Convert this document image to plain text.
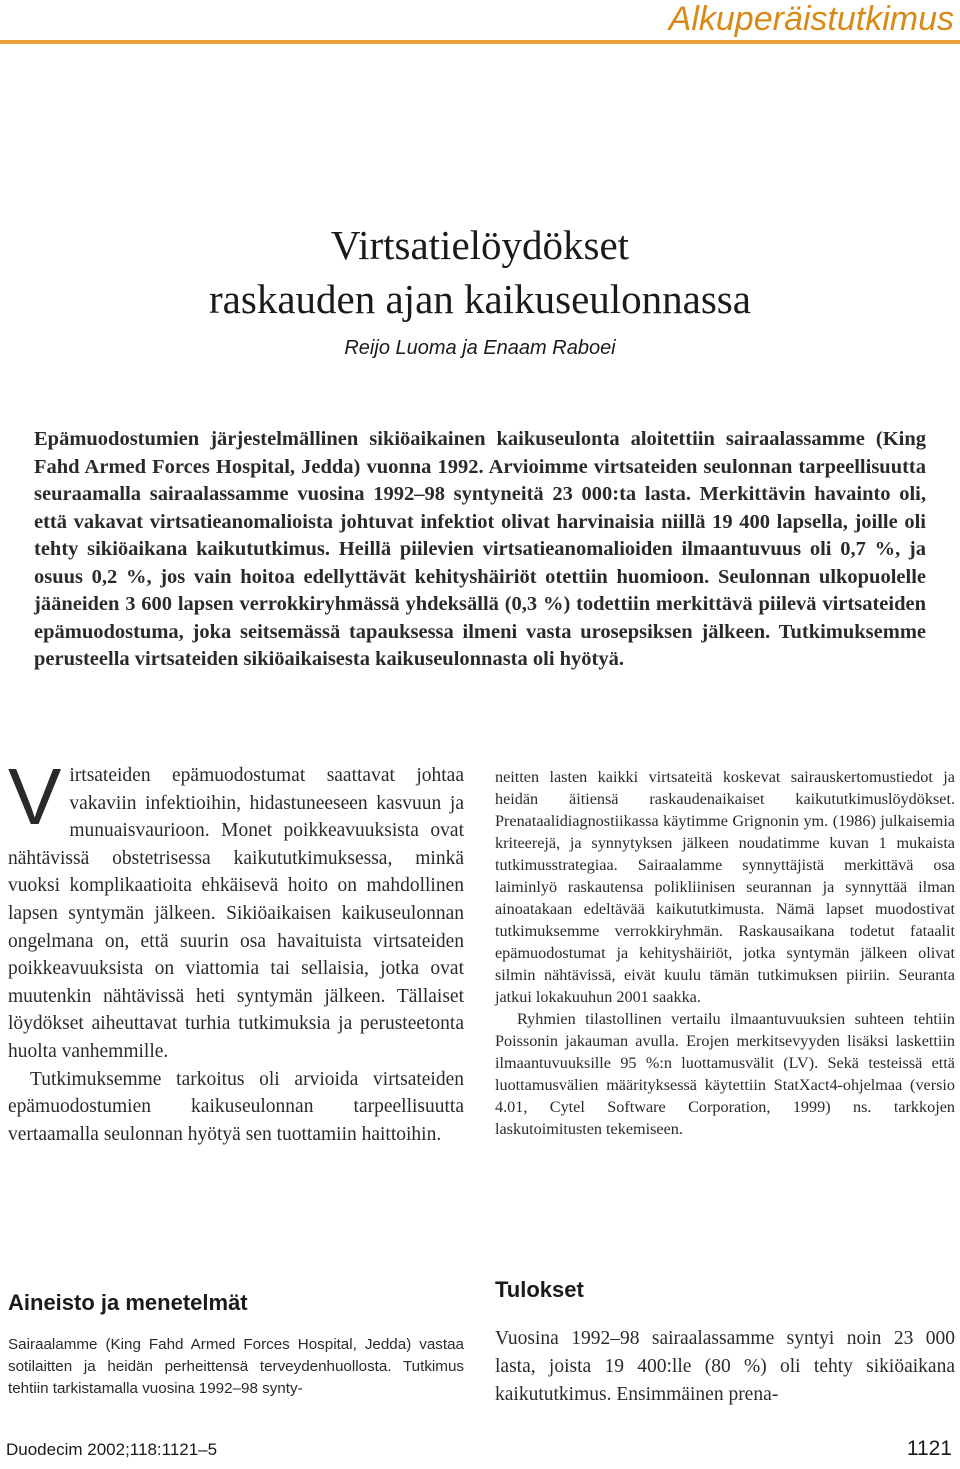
Alkuperäistutkimus

Virtsatielöydökset
raskauden ajan kaikuseulonnassa

Reijo Luoma ja Enaam Raboei

Epämuodostumien järjestelmällinen sikiöaikainen kaikuseulonta aloitettiin sairaalassamme (King Fahd Armed Forces Hospital, Jedda) vuonna 1992. Arvioimme virtsateiden seulonnan tarpeellisuutta seuraamalla sairaalassamme vuosina 1992–98 syntyneitä 23 000:ta lasta. Merkittävin havainto oli, että vakavat virtsatieanomalioista johtuvat infektiot olivat harvinaisia niillä 19 400 lapsella, joille oli tehty sikiöaikana kaikututkimus. Heillä piilevien virtsatieanomalioiden ilmaantuvuus oli 0,7 %, ja osuus 0,2 %, jos vain hoitoa edellyttävät kehityshäiriöt otettiin huomioon. Seulonnan ulkopuolelle jääneiden 3 600 lapsen verrokkiryhmässä yhdeksällä (0,3 %) todettiin merkittävä piilevä virtsateiden epämuodostuma, joka seitsemässä tapauksessa ilmeni vasta urosepsiksen jälkeen. Tutkimuksemme perusteella virtsateiden sikiöaikaisesta kaikuseulonnasta oli hyötyä.

Virtsateiden epämuodostumat saattavat johtaa vakaviin infektioihin, hidastuneeseen kasvuun ja munuaisvaurioon. Monet poikkeavuuksista ovat nähtävissä obstetrisessa kaikututkimuksessa, minkä vuoksi komplikaatioita ehkäisevä hoito on mahdollinen lapsen syntymän jälkeen. Sikiöaikaisen kaikuseulonnan ongelmana on, että suurin osa havaituista virtsateiden poikkeavuuksista on viattomia tai sellaisia, jotka ovat muutenkin nähtävissä heti syntymän jälkeen. Tällaiset löydökset aiheuttavat turhia tutkimuksia ja perusteetonta huolta vanhemmille.

Tutkimuksemme tarkoitus oli arvioida virtsateiden epämuodostumien kaikuseulonnan tarpeellisuutta vertaamalla seulonnan hyötyä sen tuottamiin haittoihin.

Aineisto ja menetelmät

Sairaalamme (King Fahd Armed Forces Hospital, Jedda) vastaa sotilaitten ja heidän perheittensä terveydenhuollosta. Tutkimus tehtiin tarkistamalla vuosina 1992–98 synty-

neitten lasten kaikki virtsateitä koskevat sairauskertomustiedot ja heidän äitiensä raskaudenaikaiset kaikututkimuslöydökset. Prenataalidiagnostiikassa käytimme Grignonin ym. (1986) julkaisemia kriteerejä, ja synnytyksen jälkeen noudatimme kuvan 1 mukaista tutkimusstrategiaa. Sairaalamme synnyttäjistä merkittävä osa laiminlyö raskautensa polikliinisen seurannan ja synnyttää ilman ainoatakaan edeltävää kaikututkimusta. Nämä lapset muodostivat tutkimuksemme verrokkiryhmän. Raskausaikana todetut fataalit epämuodostumat ja kehityshäiriöt, jotka syntymän jälkeen olivat silmin nähtävissä, eivät kuulu tämän tutkimuksen piiriin. Seuranta jatkui lokakuuhun 2001 saakka.

Ryhmien tilastollinen vertailu ilmaantuvuuksien suhteen tehtiin Poissonin jakauman avulla. Erojen merkitsevyyden lisäksi laskettiin ilmaantuvuuksille 95 %:n luottamusvälit (LV). Sekä testeissä että luottamusvälien määrityksessä käytettiin StatXact4-ohjelmaa (versio 4.01, Cytel Software Corporation, 1999) ns. tarkkojen laskutoimitusten tekemiseen.

Tulokset

Vuosina 1992–98 sairaalassamme syntyi noin 23 000 lasta, joista 19 400:lle (80 %) oli tehty sikiöaikana kaikututkimus. Ensimmäinen prena-

Duodecim 2002;118:1121–5	1121
